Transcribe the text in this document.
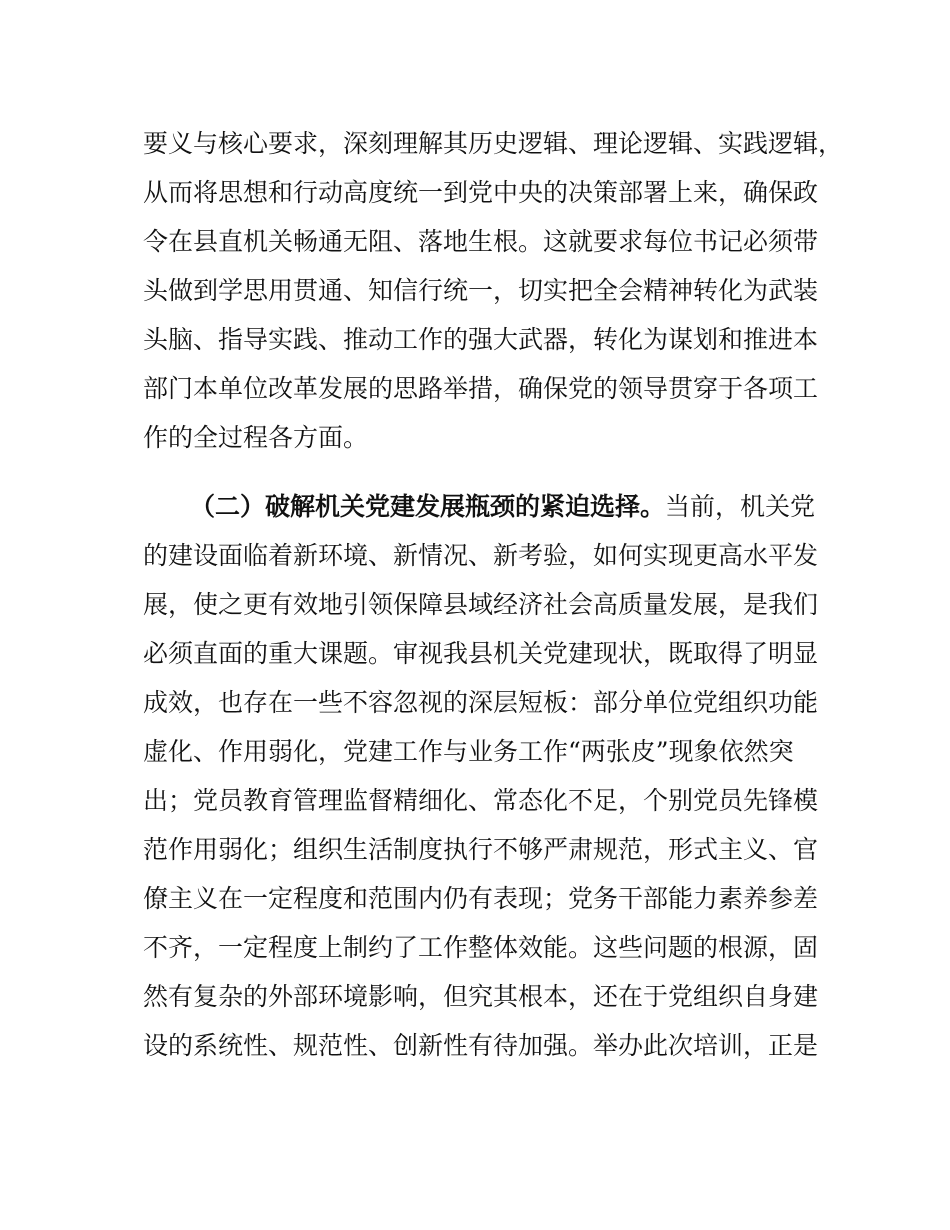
要义与核心要求，深刻理解其历史逻辑、理论逻辑、实践逻辑，

从而将思想和行动高度统一到党中央的决策部署上来，确保政

令在县直机关畅通无阻、落地生根。这就要求每位书记必须带

头做到学思用贯通、知信行统一，切实把全会精神转化为武装

头脑、指导实践、推动工作的强大武器，转化为谋划和推进本

部门本单位改革发展的思路举措，确保党的领导贯穿于各项工

作的全过程各方面。

（二）破解机关党建发展瓶颈的紧迫选择。当前，机关党

的建设面临着新环境、新情况、新考验，如何实现更高水平发

展，使之更有效地引领保障县域经济社会高质量发展，是我们

必须直面的重大课题。审视我县机关党建现状，既取得了明显

成效，也存在一些不容忽视的深层短板：部分单位党组织功能

虚化、作用弱化，党建工作与业务工作“两张皮”现象依然突

出；党员教育管理监督精细化、常态化不足，个别党员先锋模

范作用弱化；组织生活制度执行不够严肃规范，形式主义、官

僚主义在一定程度和范围内仍有表现；党务干部能力素养参差

不齐，一定程度上制约了工作整体效能。这些问题的根源，固

然有复杂的外部环境影响，但究其根本，还在于党组织自身建

设的系统性、规范性、创新性有待加强。举办此次培训，正是
